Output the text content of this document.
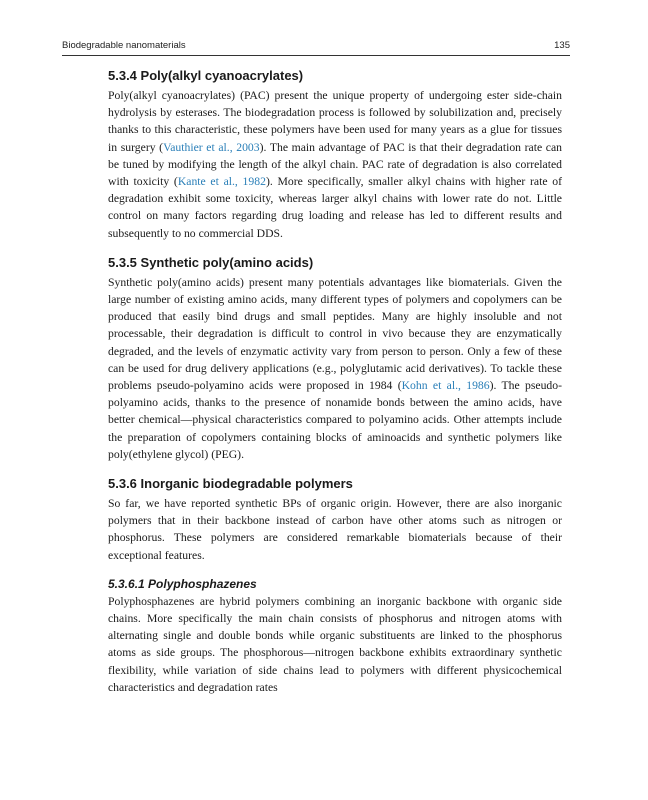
Biodegradable nanomaterials	135
5.3.4 Poly(alkyl cyanoacrylates)

Poly(alkyl cyanoacrylates) (PAC) present the unique property of undergoing ester side-chain hydrolysis by esterases. The biodegradation process is followed by solubilization and, precisely thanks to this characteristic, these polymers have been used for many years as a glue for tissues in surgery (Vauthier et al., 2003). The main advantage of PAC is that their degradation rate can be tuned by modifying the length of the alkyl chain. PAC rate of degradation is also correlated with toxicity (Kante et al., 1982). More specifically, smaller alkyl chains with higher rate of degradation exhibit some toxicity, whereas larger alkyl chains with lower rate do not. Little control on many factors regarding drug loading and release has led to different results and subsequently to no commercial DDS.

5.3.5 Synthetic poly(amino acids)

Synthetic poly(amino acids) present many potentials advantages like biomaterials. Given the large number of existing amino acids, many different types of polymers and copolymers can be produced that easily bind drugs and small peptides. Many are highly insoluble and not processable, their degradation is difficult to control in vivo because they are enzymatically degraded, and the levels of enzymatic activity vary from person to person. Only a few of these can be used for drug delivery applications (e.g., polyglutamic acid derivatives). To tackle these problems pseudo-polyamino acids were proposed in 1984 (Kohn et al., 1986). The pseudo-polyamino acids, thanks to the presence of nonamide bonds between the amino acids, have better chemical—physical characteristics compared to polyamino acids. Other attempts include the preparation of copolymers containing blocks of aminoacids and synthetic polymers like poly(ethylene glycol) (PEG).

5.3.6 Inorganic biodegradable polymers

So far, we have reported synthetic BPs of organic origin. However, there are also inorganic polymers that in their backbone instead of carbon have other atoms such as nitrogen or phosphorus. These polymers are considered remarkable biomaterials because of their exceptional features.

5.3.6.1 Polyphosphazenes

Polyphosphazenes are hybrid polymers combining an inorganic backbone with organic side chains. More specifically the main chain consists of phosphorus and nitrogen atoms with alternating single and double bonds while organic substituents are linked to the phosphorus atoms as side groups. The phosphorous—nitrogen backbone exhibits extraordinary synthetic flexibility, while variation of side chains lead to polymers with different physicochemical characteristics and degradation rates
